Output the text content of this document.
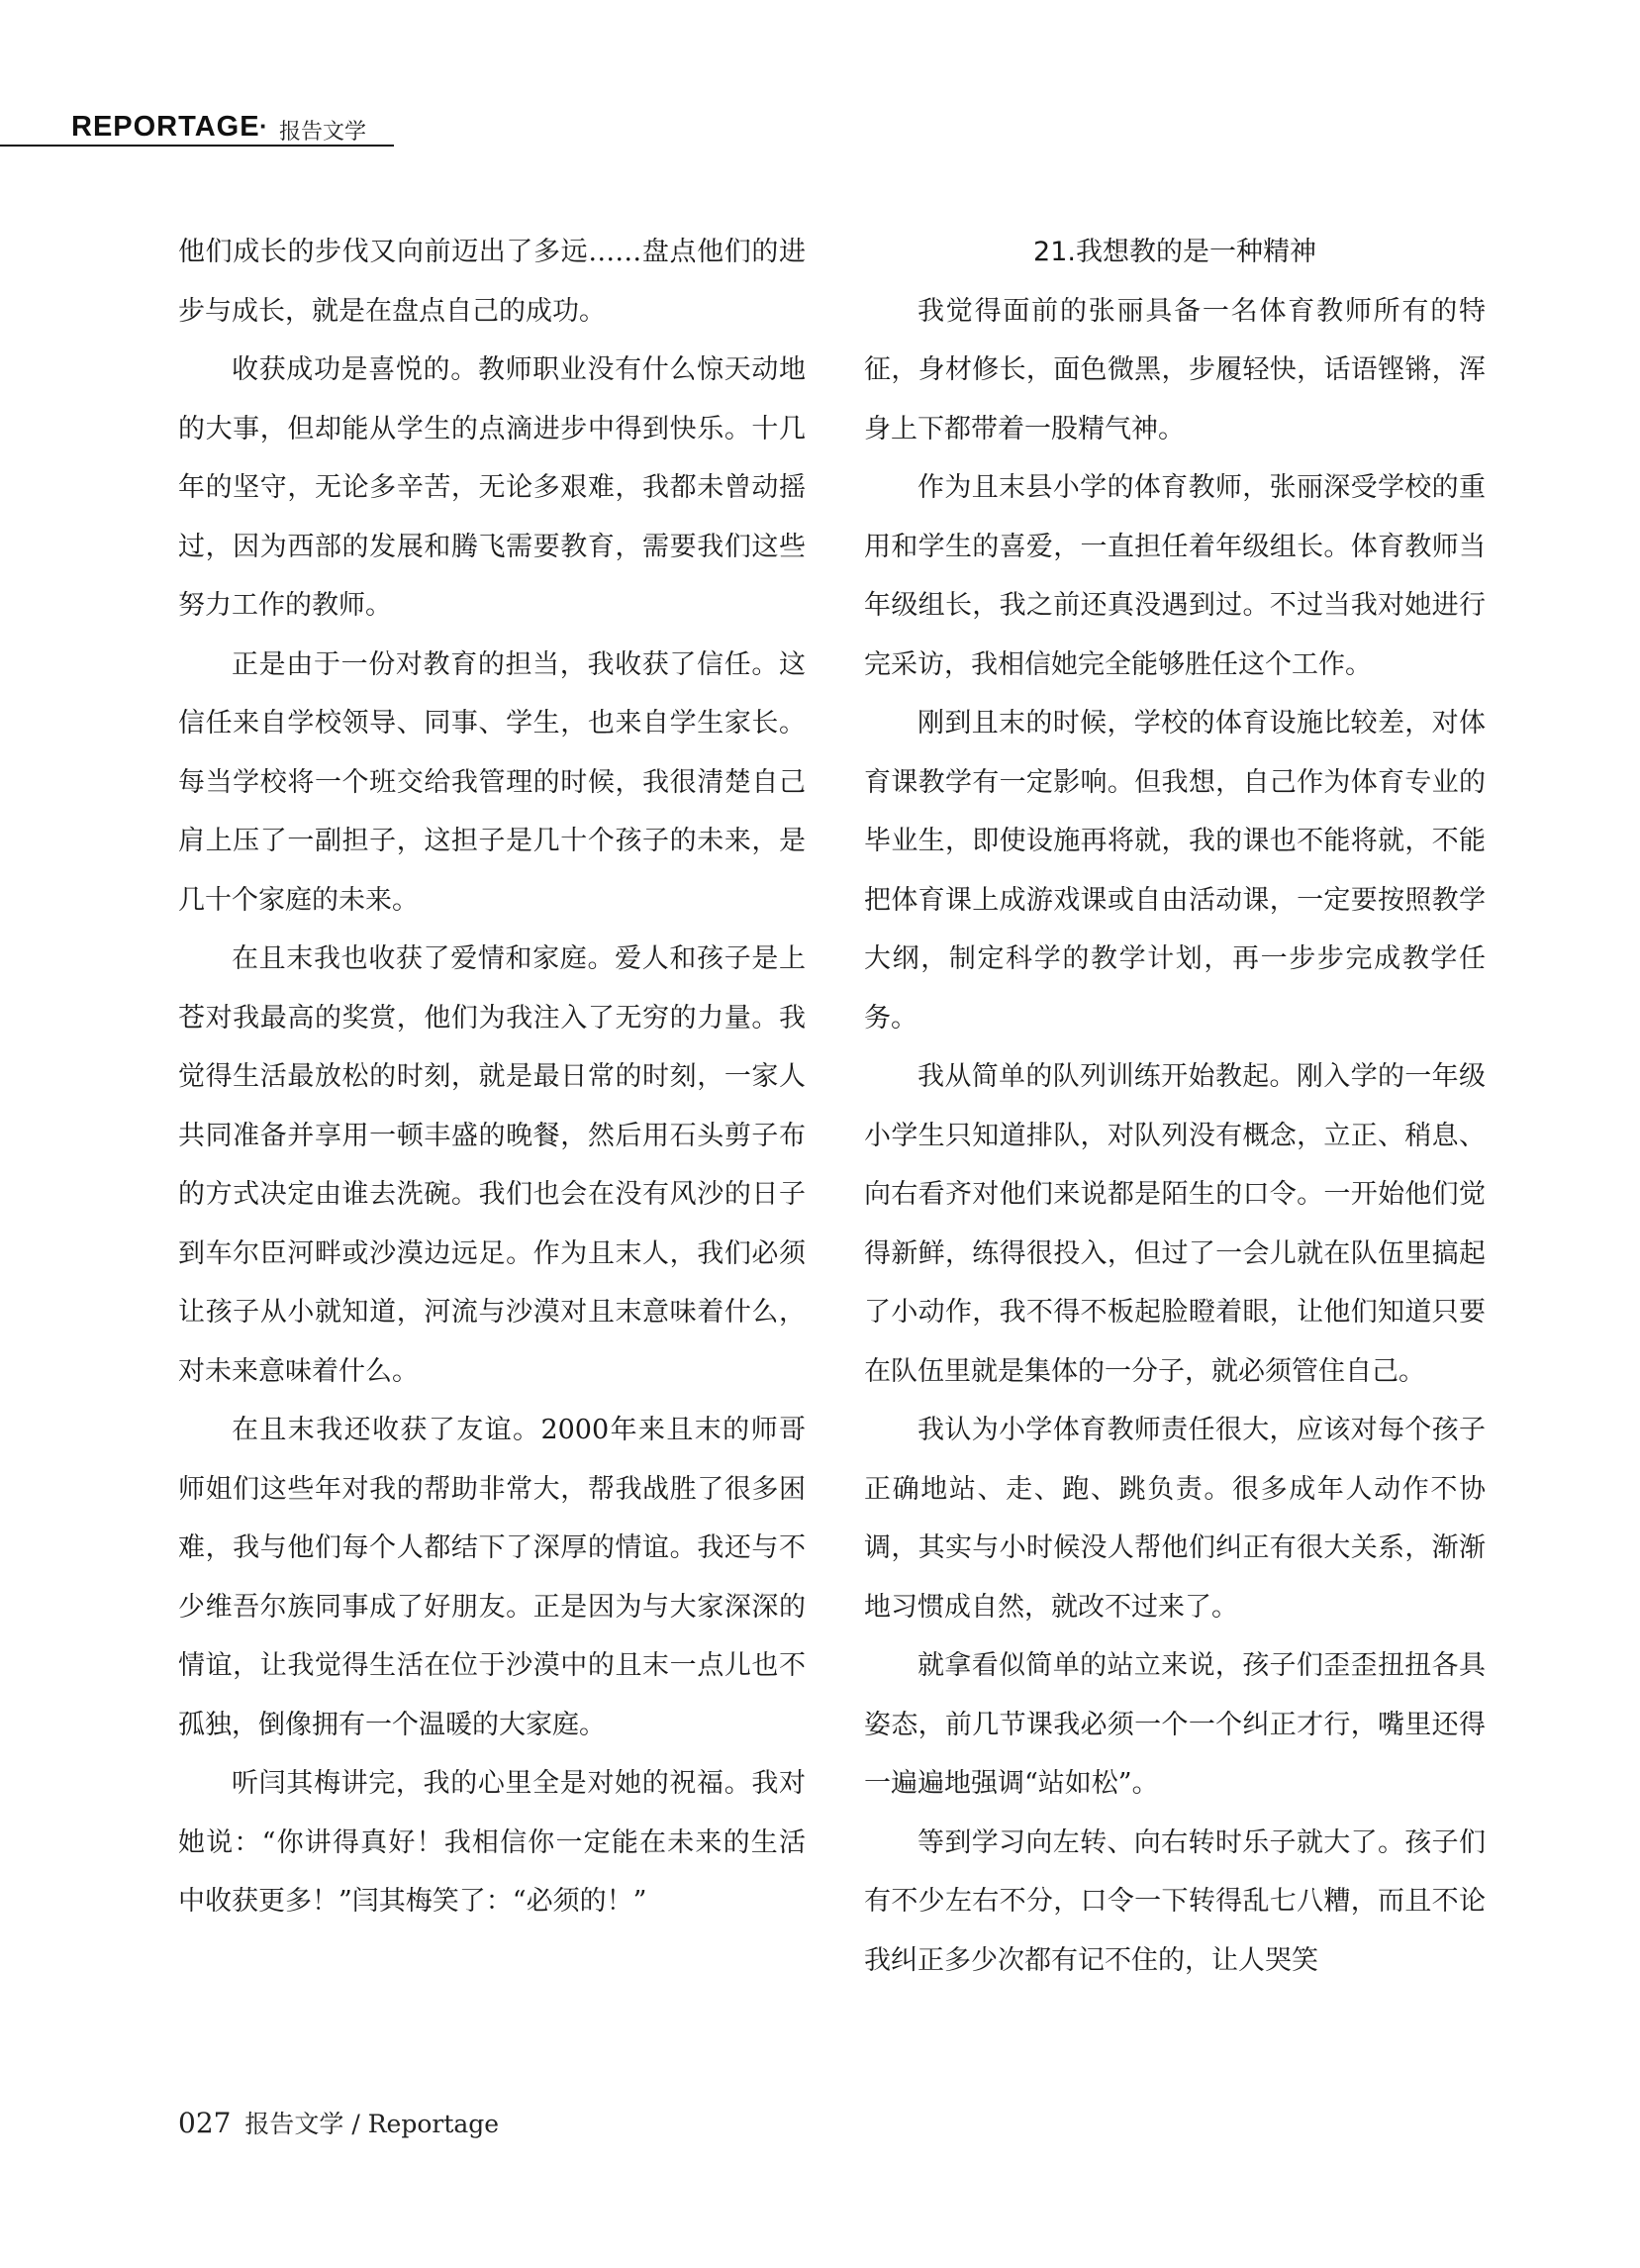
REPORTAGE · 报告文学

他们成长的步伐又向前迈出了多远……盘点他们的进步与成长，就是在盘点自己的成功。

收获成功是喜悦的。教师职业没有什么惊天动地的大事，但却能从学生的点滴进步中得到快乐。十几年的坚守，无论多辛苦，无论多艰难，我都未曾动摇过，因为西部的发展和腾飞需要教育，需要我们这些努力工作的教师。

正是由于一份对教育的担当，我收获了信任。这信任来自学校领导、同事、学生，也来自学生家长。每当学校将一个班交给我管理的时候，我很清楚自己肩上压了一副担子，这担子是几十个孩子的未来，是几十个家庭的未来。

在且末我也收获了爱情和家庭。爱人和孩子是上苍对我最高的奖赏，他们为我注入了无穷的力量。我觉得生活最放松的时刻，就是最日常的时刻，一家人共同准备并享用一顿丰盛的晚餐，然后用石头剪子布的方式决定由谁去洗碗。我们也会在没有风沙的日子到车尔臣河畔或沙漠边远足。作为且末人，我们必须让孩子从小就知道，河流与沙漠对且末意味着什么，对未来意味着什么。

在且末我还收获了友谊。2000年来且末的师哥师姐们这些年对我的帮助非常大，帮我战胜了很多困难，我与他们每个人都结下了深厚的情谊。我还与不少维吾尔族同事成了好朋友。正是因为与大家深深的情谊，让我觉得生活在位于沙漠中的且末一点儿也不孤独，倒像拥有一个温暖的大家庭。

听闫其梅讲完，我的心里全是对她的祝福。我对她说：“你讲得真好！我相信你一定能在未来的生活中收获更多！”闫其梅笑了：“必须的！”

21.我想教的是一种精神

我觉得面前的张丽具备一名体育教师所有的特征，身材修长，面色微黑，步履轻快，话语铿锵，浑身上下都带着一股精气神。

作为且末县小学的体育教师，张丽深受学校的重用和学生的喜爱，一直担任着年级组长。体育教师当年级组长，我之前还真没遇到过。不过当我对她进行完采访，我相信她完全能够胜任这个工作。

刚到且末的时候，学校的体育设施比较差，对体育课教学有一定影响。但我想，自己作为体育专业的毕业生，即使设施再将就，我的课也不能将就，不能把体育课上成游戏课或自由活动课，一定要按照教学大纲，制定科学的教学计划，再一步步完成教学任务。

我从简单的队列训练开始教起。刚入学的一年级小学生只知道排队，对队列没有概念，立正、稍息、向右看齐对他们来说都是陌生的口令。一开始他们觉得新鲜，练得很投入，但过了一会儿就在队伍里搞起了小动作，我不得不板起脸瞪着眼，让他们知道只要在队伍里就是集体的一分子，就必须管住自己。

我认为小学体育教师责任很大，应该对每个孩子正确地站、走、跑、跳负责。很多成年人动作不协调，其实与小时候没人帮他们纠正有很大关系，渐渐地习惯成自然，就改不过来了。

就拿看似简单的站立来说，孩子们歪歪扭扭各具姿态，前几节课我必须一个一个纠正才行，嘴里还得一遍遍地强调“站如松”。

等到学习向左转、向右转时乐子就大了。孩子们有不少左右不分，口令一下转得乱七八糟，而且不论我纠正多少次都有记不住的，让人哭笑

027 报告文学 / Reportage
